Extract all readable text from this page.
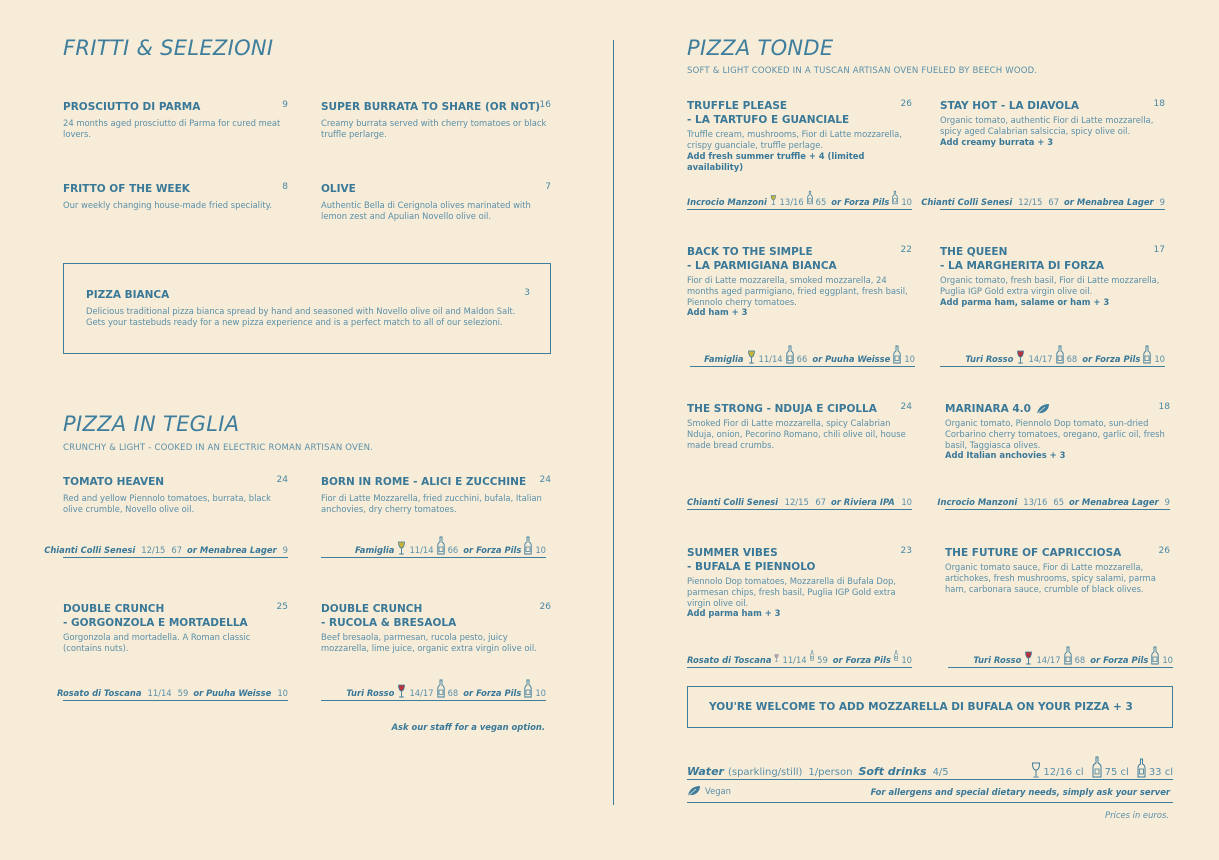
FRITTI & SELEZIONI
PROSCIUTTO DI PARMA	9
24 months aged prosciutto di Parma for cured meat lovers.
SUPER BURRATA TO SHARE (OR NOT) 16
Creamy burrata served with cherry tomatoes or black truffle perlarge.
FRITTO OF THE WEEK	8
Our weekly changing house-made fried speciality.
OLIVE	7
Authentic Bella di Cerignola olives marinated with lemon zest and Apulian Novello olive oil.
PIZZA BIANCA	3
Delicious traditional pizza bianca spread by hand and seasoned with Novello olive oil and Maldon Salt. Gets your tastebuds ready for a new pizza experience and is a perfect match to all of our selezioni.
PIZZA IN TEGLIA
CRUNCHY & LIGHT - COOKED IN AN ELECTRIC ROMAN ARTISAN OVEN.
TOMATO HEAVEN	24
Red and yellow Piennolo tomatoes, burrata, black olive crumble, Novello olive oil.
Chianti Colli Senesi 12/15 67 or Menabrea Lager 9
BORN IN ROME - ALICI E ZUCCHINE	24
Fior di Latte Mozzarella, fried zucchini, bufala, Italian anchovies, dry cherry tomatoes.
Famiglia 11/14 66 or Forza Pils 10
DOUBLE CRUNCH
- GORGONZOLA E MORTADELLA
25
Gorgonzola and mortadella. A Roman classic (contains nuts).
Rosato di Toscana 11/14 59 or Puuha Weisse 10
DOUBLE CRUNCH
- RUCOLA & BRESAOLA
26
Beef bresaola, parmesan, rucola pesto, juicy mozzarella, lime juice, organic extra virgin olive oil.
Turi Rosso 14/17 68 or Forza Pils 10
Ask our staff for a vegan option.
PIZZA TONDE
SOFT & LIGHT COOKED IN A TUSCAN ARTISAN OVEN FUELED BY BEECH WOOD.
TRUFFLE PLEASE
- LA TARTUFO E GUANCIALE
26
Truffle cream, mushrooms, Fior di Latte mozzarella, crispy guanciale, truffle perlage.
Add fresh summer truffle + 4 (limited availability)
Incrocio Manzoni 13/16 65 or Forza Pils 10
STAY HOT - LA DIAVOLA	18
Organic tomato, authentic Fior di Latte mozzarella, spicy aged Calabrian salsiccia, spicy olive oil.
Add creamy burrata + 3
Chianti Colli Senesi 12/15 67 or Menabrea Lager 9
BACK TO THE SIMPLE
- LA PARMIGIANA BIANCA
22
Fior di Latte mozzarella, smoked mozzarella, 24 months aged parmigiano, fried eggplant, fresh basil, Piennolo cherry tomatoes.
Add ham + 3
Famiglia 11/14 66 or Puuha Weisse 10
THE QUEEN
- LA MARGHERITA DI FORZA
17
Organic tomato, fresh basil, Fior di Latte mozzarella, Puglia IGP Gold extra virgin olive oil.
Add parma ham, salame or ham + 3
Turi Rosso 14/17 68 or Forza Pils 10
THE STRONG - NDUJA E CIPOLLA	24
Smoked Fior di Latte mozzarella, spicy Calabrian Nduja, onion, Pecorino Romano, chili olive oil, house made bread crumbs.
Chianti Colli Senesi 12/15 67 or Riviera IPA 10
MARINARA 4.0	18
Organic tomato, Piennolo Dop tomato, sun-dried Corbarino cherry tomatoes, oregano, garlic oil, fresh basil, Taggiasca olives.
Add Italian anchovies + 3
Incrocio Manzoni 13/16 65 or Menabrea Lager 9
SUMMER VIBES
- BUFALA E PIENNOLO
23
Piennolo Dop tomatoes, Mozzarella di Bufala Dop, parmesan chips, fresh basil, Puglia IGP Gold extra virgin olive oil.
Add parma ham + 3
Rosato di Toscana 11/14 59 or Forza Pils 10
THE FUTURE OF CAPRICCIOSA	26
Organic tomato sauce, Fior di Latte mozzarella, artichokes, fresh mushrooms, spicy salami, parma ham, carbonara sauce, crumble of black olives.
Turi Rosso 14/17 68 or Forza Pils 10
YOU'RE WELCOME TO ADD MOZZARELLA DI BUFALA ON YOUR PIZZA + 3
Water (sparkling/still) 1/person Soft drinks 4/5	12/16 cl 75 cl 33 cl
Vegan	For allergens and special dietary needs, simply ask your server
Prices in euros.
